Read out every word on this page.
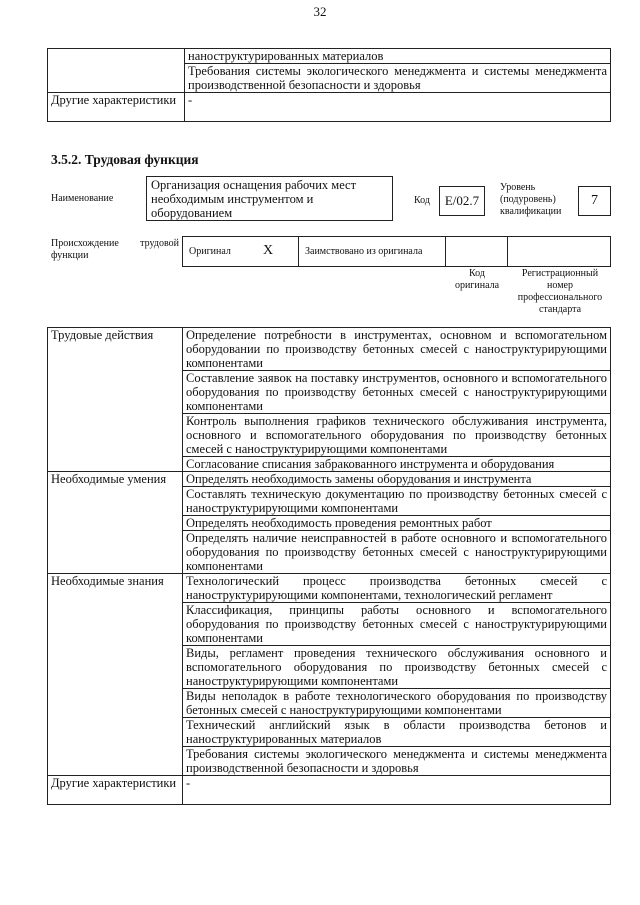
32
	наноструктурированных материалов
	Требования системы экологического менеджмента и системы менеджмента производственной безопасности и здоровья
Другие характеристики	-
3.5.2. Трудовая функция
Наименование
Организация оснащения рабочих мест необходимым инструментом и оборудованием
Код	E/02.7
Уровень (подуровень) квалификации
7
Происхождение трудовой функции	Оригинал X	Заимствовано из оригинала
Код оригинала
Регистрационный номер профессионального стандарта
Трудовые действия	Определение потребности в инструментах, основном и вспомогательном оборудовании по производству бетонных смесей с наноструктурирующими компонентами
	Составление заявок на поставку инструментов, основного и вспомогательного оборудования по производству бетонных смесей с наноструктурирующими компонентами
	Контроль выполнения графиков технического обслуживания инструмента, основного и вспомогательного оборудования по производству бетонных смесей с наноструктурирующими компонентами
	Согласование списания забракованного инструмента и оборудования
Необходимые умения	Определять необходимость замены оборудования и инструмента
	Составлять техническую документацию по производству бетонных смесей с наноструктурирующими компонентами
	Определять необходимость проведения ремонтных работ
	Определять наличие неисправностей в работе основного и вспомогательного оборудования по производству бетонных смесей с наноструктурирующими компонентами
Необходимые знания	Технологический процесс производства бетонных смесей с наноструктурирующими компонентами, технологический регламент
	Классификация, принципы работы основного и вспомогательного оборудования по производству бетонных смесей с наноструктурирующими компонентами
	Виды, регламент проведения технического обслуживания основного и вспомогательного оборудования по производству бетонных смесей с наноструктурирующими компонентами
	Виды неполадок в работе технологического оборудования по производству бетонных смесей с наноструктурирующими компонентами
	Технический английский язык в области производства бетонов и наноструктурированных материалов
	Требования системы экологического менеджмента и системы менеджмента производственной безопасности и здоровья
Другие характеристики	-
